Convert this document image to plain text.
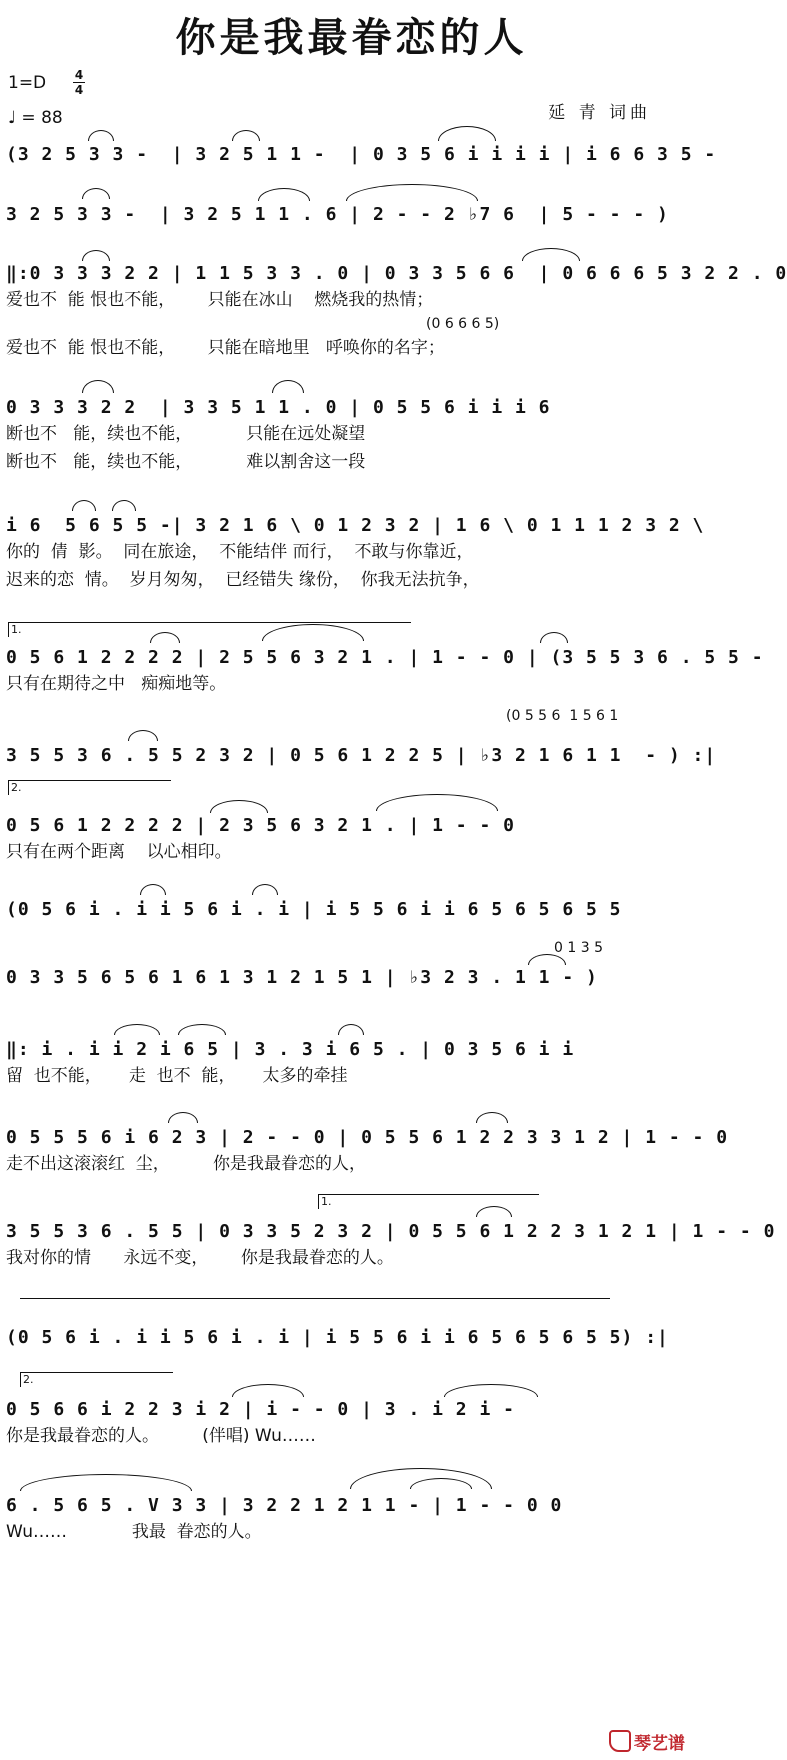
你是我最眷恋的人
1=D 4
4
♩ = 88	延 青 词曲
(3 2 5 3 3 -  | 3 2 5 1 1 -  | 0 3 5 6 i i i i | i 6 6 3 5 -
3 2 5 3 3 -  | 3 2 5 1 1 . 6 | 2 - - 2 ♭7 6  | 5 - - - )
‖:0 3 3 3 2 2 | 1 1 5 3 3 . 0 | 0 3 3 5 6 6  | 0 6 6 6 5 3 2 2 . 0
爱也不  能 恨也不能，      只能在冰山    燃烧我的热情；
(0 6 6 6 5)
爱也不  能 恨也不能，      只能在暗地里   呼唤你的名字；
0 3 3 3 2 2  | 3 3 5 1 1 . 0 | 0 5 5 6 i i i 6
断也不   能，续也不能，          只能在远处凝望
断也不   能，续也不能，          难以割舍这一段
i 6  5 6 5 5 -| 3 2 1 6 \ 0 1 2 3 2 | 1 6 \ 0 1 1 1 2 3 2 \
你的  倩  影。  同在旅途，  不能结伴 而行，  不敢与你靠近，
迟来的恋  情。  岁月匆匆，  已经错失 缘份，  你我无法抗争，
1.
0 5 6 1 2 2 2 2 | 2 5 5 6 3 2 1 . | 1 - - 0 | (3 5 5 3 6 . 5 5 -
只有在期待之中   痴痴地等。
(0 5 5 6  1 5 6 1
3 5 5 3 6 . 5 5 2 3 2 | 0 5 6 1 2 2 5 | ♭3 2 1 6 1 1  - ) :|
2.
0 5 6 1 2 2 2 2 | 2 3 5 6 3 2 1 . | 1 - - 0
只有在两个距离    以心相印。
(0 5 6 i . i i 5 6 i . i | i 5 5 6 i i 6 5 6 5 6 5 5
0 1 3 5
0 3 3 5 6 5 6 1 6 1 3 1 2 1 5 1 | ♭3 2 3 . 1 1 - )
‖: i . i i 2 i 6 5 | 3 . 3 i 6 5 . | 0 3 5 6 i i
留  也不能，     走  也不  能，     太多的牵挂
0 5 5 5 6 i 6 2 3 | 2 - - 0 | 0 5 5 6 1 2 2 3 3 1 2 | 1 - - 0
走不出这滚滚红  尘，        你是我最眷恋的人，
1.
3 5 5 3 6 . 5 5 | 0 3 3 5 2 3 2 | 0 5 5 6 1 2 2 3 1 2 1 | 1 - - 0
我对你的情      永远不变，      你是我最眷恋的人。
(0 5 6 i . i i 5 6 i . i | i 5 5 6 i i 6 5 6 5 6 5 5) :|
2.
0 5 6 6 i 2 2 3 i 2 | i - - 0 | 3 . i 2 i -
你是我最眷恋的人。        (伴唱) Wu……
6 . 5 6 5 . V 3 3 | 3 2 2 1 2 1 1 - | 1 - - 0 0
Wu……            我最  眷恋的人。
琴艺谱
